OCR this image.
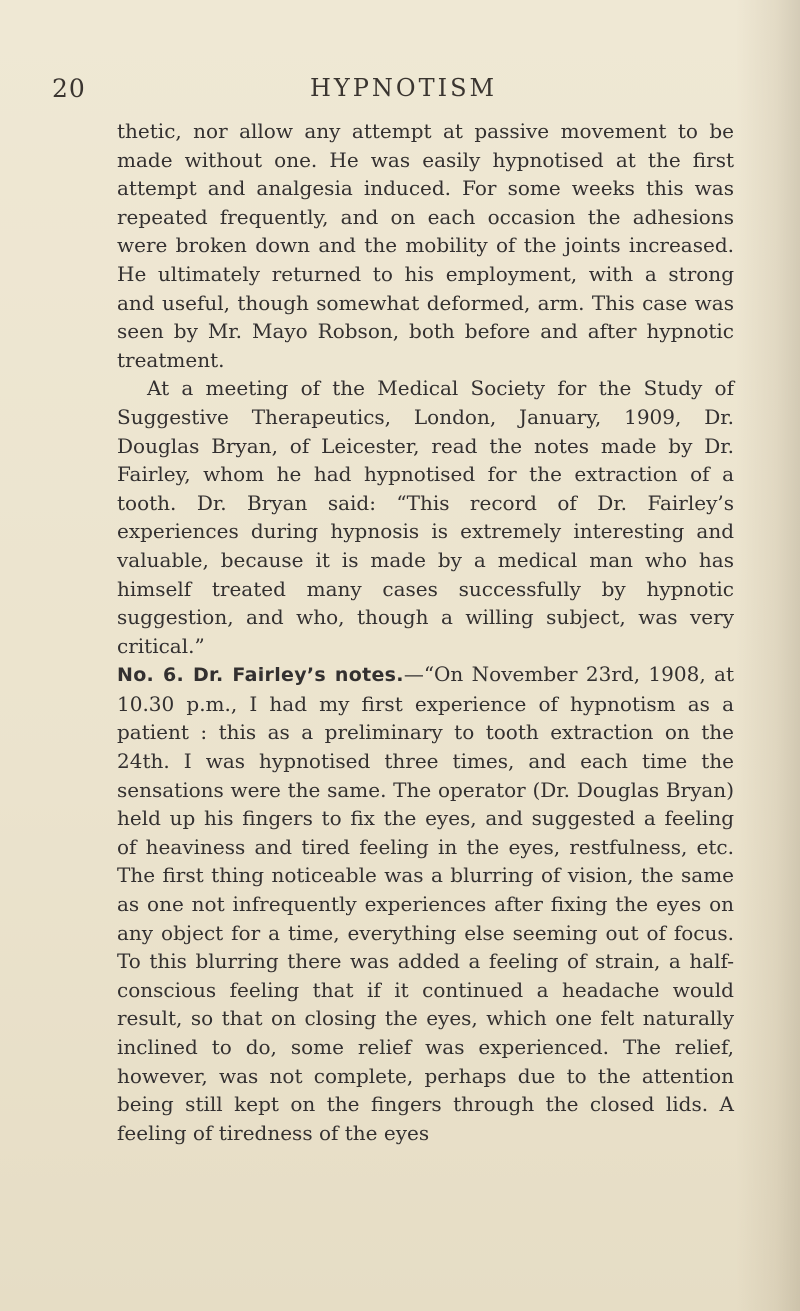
20	HYPNOTISM

thetic, nor allow any attempt at passive movement to be made without one. He was easily hypnotised at the first attempt and analgesia induced. For some weeks this was repeated frequently, and on each occasion the adhesions were broken down and the mobility of the joints increased. He ultimately returned to his employment, with a strong and useful, though somewhat deformed, arm. This case was seen by Mr. Mayo Robson, both before and after hypnotic treatment.

At a meeting of the Medical Society for the Study of Suggestive Therapeutics, London, January, 1909, Dr. Douglas Bryan, of Leicester, read the notes made by Dr. Fairley, whom he had hypnotised for the extraction of a tooth. Dr. Bryan said: “This record of Dr. Fairley’s experiences during hypnosis is extremely interesting and valuable, because it is made by a medical man who has himself treated many cases successfully by hypnotic suggestion, and who, though a willing subject, was very critical.”

No. 6. Dr. Fairley’s notes.—“On November 23rd, 1908, at 10.30 p.m., I had my first experience of hypnotism as a patient : this as a preliminary to tooth extraction on the 24th. I was hypnotised three times, and each time the sensations were the same. The operator (Dr. Douglas Bryan) held up his fingers to fix the eyes, and suggested a feeling of heaviness and tired feeling in the eyes, restfulness, etc. The first thing noticeable was a blurring of vision, the same as one not infrequently experiences after fixing the eyes on any object for a time, everything else seeming out of focus. To this blurring there was added a feeling of strain, a half-conscious feeling that if it continued a headache would result, so that on closing the eyes, which one felt naturally inclined to do, some relief was experienced. The relief, however, was not complete, perhaps due to the attention being still kept on the fingers through the closed lids. A feeling of tiredness of the eyes
